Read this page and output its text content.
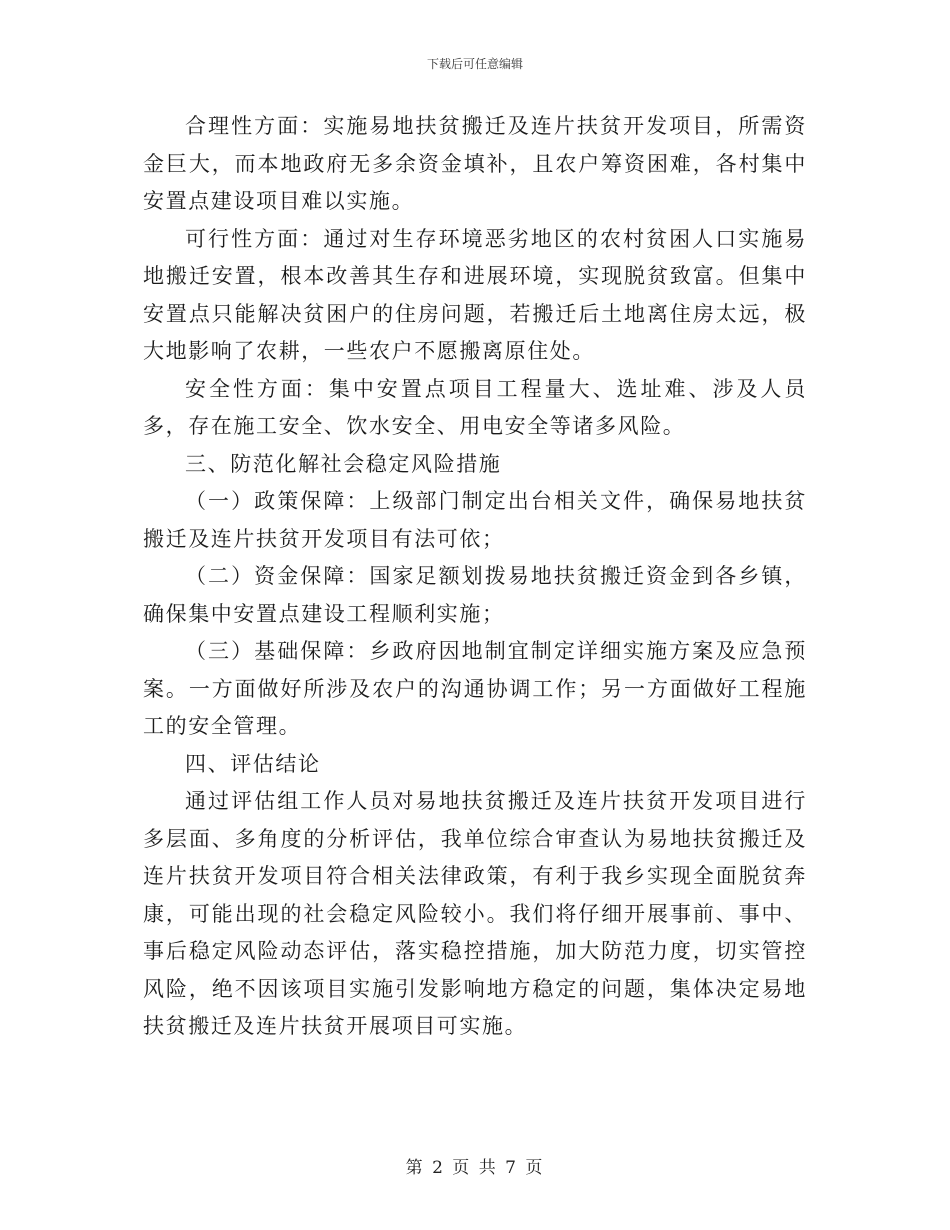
下载后可任意编辑

合理性方面：实施易地扶贫搬迁及连片扶贫开发项目，所需资金巨大，而本地政府无多余资金填补，且农户筹资困难，各村集中安置点建设项目难以实施。

可行性方面：通过对生存环境恶劣地区的农村贫困人口实施易地搬迁安置，根本改善其生存和进展环境，实现脱贫致富。但集中安置点只能解决贫困户的住房问题，若搬迁后土地离住房太远，极大地影响了农耕，一些农户不愿搬离原住处。

安全性方面：集中安置点项目工程量大、选址难、涉及人员多，存在施工安全、饮水安全、用电安全等诸多风险。

三、防范化解社会稳定风险措施

（一）政策保障：上级部门制定出台相关文件，确保易地扶贫搬迁及连片扶贫开发项目有法可依；

（二）资金保障：国家足额划拨易地扶贫搬迁资金到各乡镇，确保集中安置点建设工程顺利实施；

（三）基础保障：乡政府因地制宜制定详细实施方案及应急预案。一方面做好所涉及农户的沟通协调工作；另一方面做好工程施工的安全管理。

四、评估结论

通过评估组工作人员对易地扶贫搬迁及连片扶贫开发项目进行多层面、多角度的分析评估，我单位综合审查认为易地扶贫搬迁及连片扶贫开发项目符合相关法律政策，有利于我乡实现全面脱贫奔康，可能出现的社会稳定风险较小。我们将仔细开展事前、事中、事后稳定风险动态评估，落实稳控措施，加大防范力度，切实管控风险，绝不因该项目实施引发影响地方稳定的问题，集体决定易地扶贫搬迁及连片扶贫开展项目可实施。

第 2 页 共 7 页
